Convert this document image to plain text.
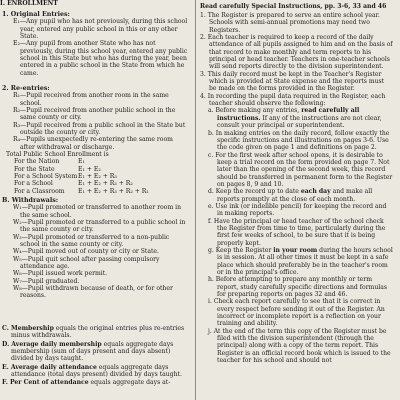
I. ENROLLMENT
1. Original Entries:

E₁—Any pupil who has not previously, during this school year, entered any public school in this or any other State.

E₂—Any pupil from another State who has not previously, during this school year, entered any public school in this State but who has during the year, been entered in a public school in the State from which he came.

2. Re-entries:

R₁—Pupil received from another room in the same school.

R₂—Pupil received from another public school in the same county or city.

R₃—Pupil received from a public school in the State but outside the county or city.

R₄—Pupils unexpectedly re-entering the same room after withdrawal or discharge.

Total Public School Enrollment is
For the Nation	E₁
For the State	E₁ + E₂
For a School System E₁ + E₂ + R₃
For a School	E₁ + E₂ + R₃ + R₂
For a Classroom	E₁ + E₂ + R₃ + R₂ + R₁
B. Withdrawals:

W₁—Pupil promoted or transferred to another room in the same school.

W₂—Pupil promoted or transferred to a public school in the same county or city.

W₃—Pupil promoted or transferred to a non-public school in the same county or city.

W₄—Pupil moved out of county or city or State.

W₅—Pupil quit school after passing compulsory attendance age.

W₆—Pupil issued work permit.

W₇—Pupil graduated.

W₈—Pupil withdrawn because of death, or for other reasons.

C. Membership equals the original entries plus re-entries minus withdrawals.

D. Average daily membership equals aggregate days membership (sum of days present and days absent) divided by days taught.

E. Average daily attendance equals aggregate days attendance (total days present) divided by days taught.

F. Per Cent of attendance equals aggregate days at-

Read carefully Special Instructions, pp. 3-6, 33 and 46

1. The Register is prepared to serve an entire school year. Schools with semi-annual promotions may need two Registers.

2. Each teacher is required to keep a record of the daily attendance of all pupils assigned to him and on the basis of that record to make monthly and term reports to his principal or head teacher. Teachers in one-teacher schools will send reports directly to the division superintendent.

3. This daily record must be kept in the Teacher's Register which is provided at State expense and the reports must be made on the forms provided in the Register.

4. In recording the pupil data required in the Register, each teacher should observe the following:

a. Before making any entries, read carefully all instructions. If any of the instructions are not clear, consult your principal or superintendent.

b. In making entries on the daily record, follow exactly the specific instructions and illustrations on pages 3-6. Use the code given on page 1 and definitions on page 2.

c. For the first week after school opens, it is desirable to keep a trial record on the form provided on page 7. Not later than the opening of the second week, this record should be transferred in permanent form to the Register on pages 8, 9 and 10.

d. Keep the record up to date each day and make all reports promptly at the close of each month.

e. Use ink (or indelible pencil) for keeping the record and in making reports.

f. Have the principal or head teacher of the school check the Register from time to time, particularly during the first few weeks of school, to be sure that it is being properly kept.

g. Keep the Register in your room during the hours school is in session. At all other times it must be kept in a safe place which should preferably be in the teacher's room or in the principal's office.

h. Before attempting to prepare any monthly or term report, study carefully specific directions and formulas for preparing reports on pages 32 and 46.

i. Check each report carefully to see that it is correct in every respect before sending it out of the Register. An incorrect or incomplete report is a reflection on your training and ability.

j. At the end of the term this copy of the Register must be filed with the division superintendent (through the principal) along with a copy of the term report. This Register is an official record book which is issued to the teacher for his school and should not
